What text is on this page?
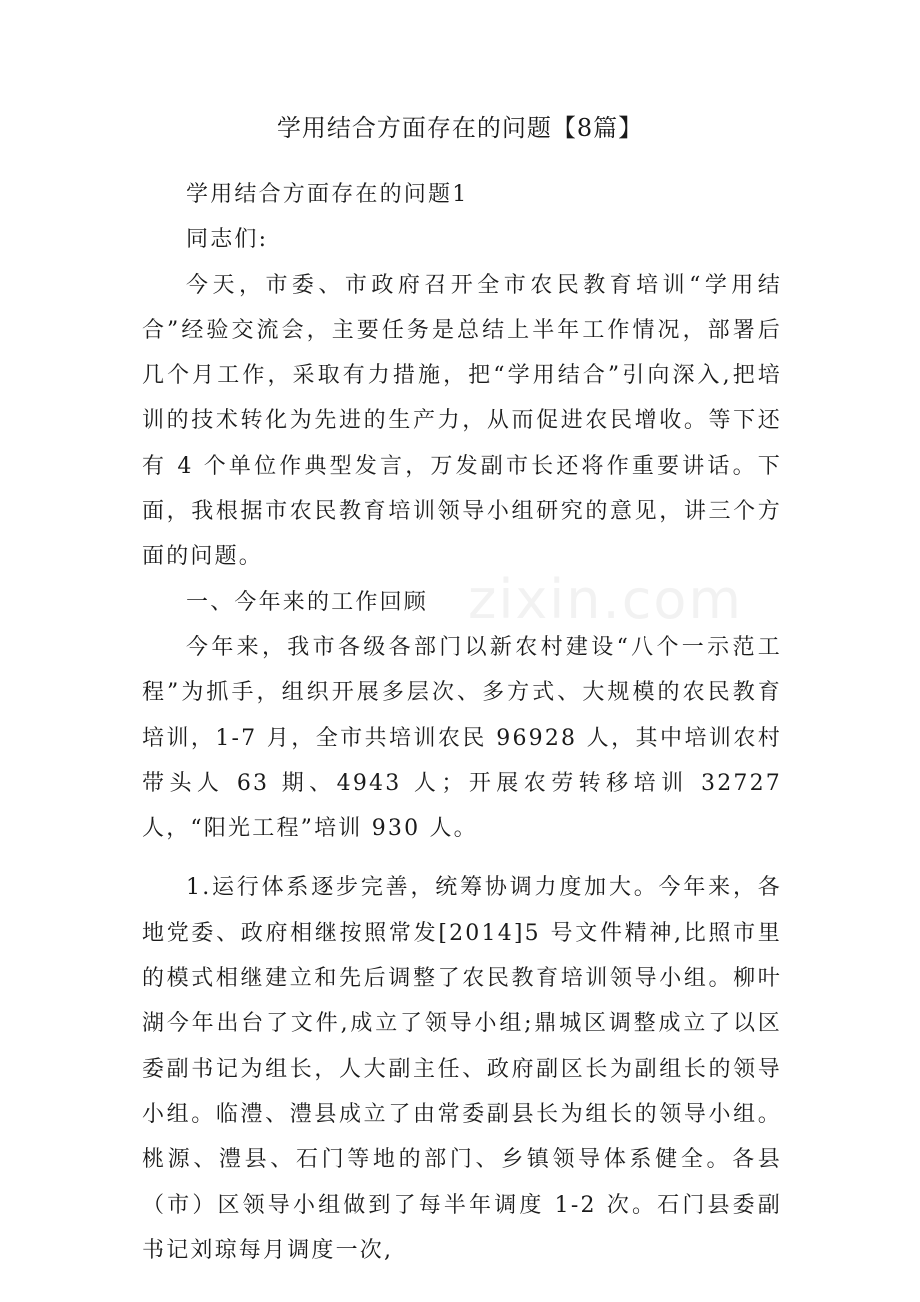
学用结合方面存在的问题【8篇】

学用结合方面存在的问题1

同志们:

今天，市委、市政府召开全市农民教育培训“学用结合”经验交流会，主要任务是总结上半年工作情况，部署后几个月工作，采取有力措施，把“学用结合”引向深入,把培训的技术转化为先进的生产力，从而促进农民增收。等下还有 4 个单位作典型发言，万发副市长还将作重要讲话。下面，我根据市农民教育培训领导小组研究的意见，讲三个方面的问题。

一、今年来的工作回顾

今年来，我市各级各部门以新农村建设“八个一示范工程”为抓手，组织开展多层次、多方式、大规模的农民教育培训，1-7 月，全市共培训农民 96928 人，其中培训农村带头人 63 期、4943 人；开展农劳转移培训 32727 人，“阳光工程”培训 930 人。

1.运行体系逐步完善，统筹协调力度加大。今年来，各地党委、政府相继按照常发[2014]5 号文件精神,比照市里的模式相继建立和先后调整了农民教育培训领导小组。柳叶湖今年出台了文件,成立了领导小组;鼎城区调整成立了以区委副书记为组长，人大副主任、政府副区长为副组长的领导小组。临澧、澧县成立了由常委副县长为组长的领导小组。桃源、澧县、石门等地的部门、乡镇领导体系健全。各县（市）区领导小组做到了每半年调度 1-2 次。石门县委副书记刘琼每月调度一次,

zixin.com
